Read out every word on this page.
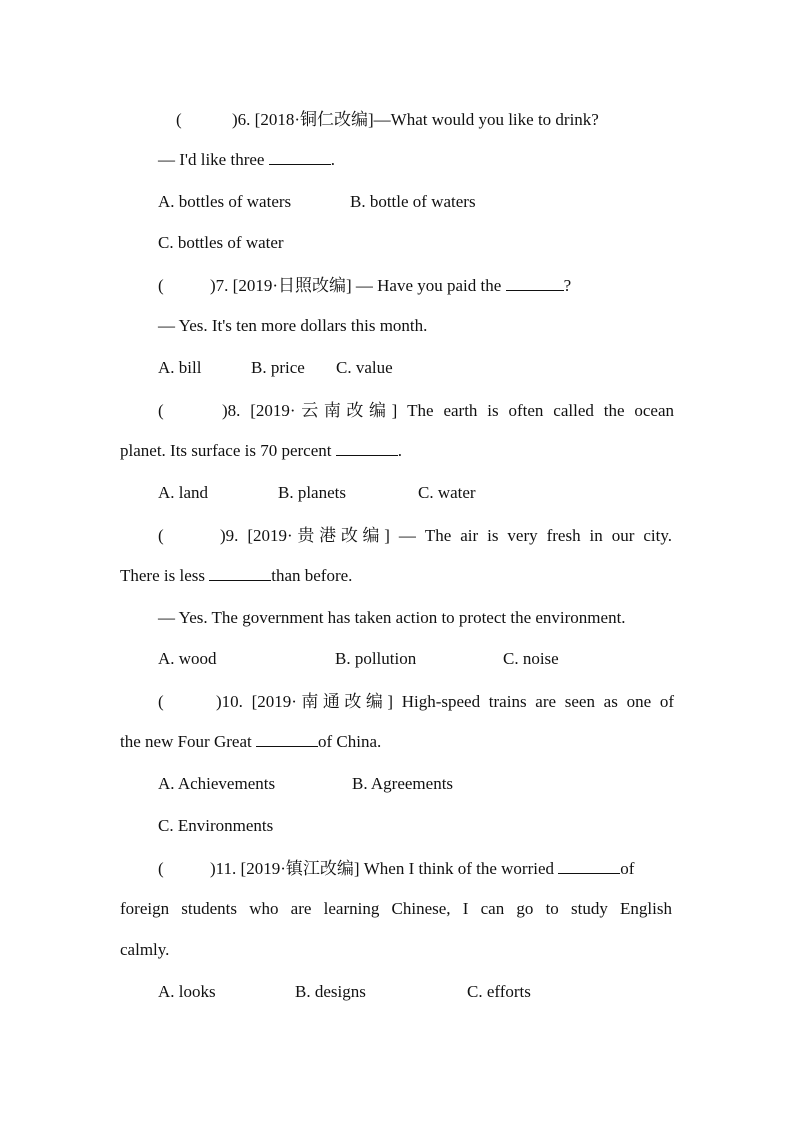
(	)6. [2018·铜仁改编]—What would you like to drink?
— I'd like three	.
A. bottles of waters	B. bottle of waters
C. bottles of water
(	)7. [2019·日照改编] — Have you paid the	?
— Yes. It's ten more dollars this month.
A. bill	B. price C. value
(	)8. [2019·云南改编] The earth is often called the ocean
planet. Its surface is 70 percent	.
A. land	B. planets	C. water
(	)9. [2019·贵港改编] — The air is very fresh in our city.
There is less	than before.
— Yes. The government has taken action to protect the environment.
A. wood	B. pollution	C. noise
(	)10. [2019·南通改编] High-speed trains are seen as one of
the new Four Great	of China.
A. Achievements	B. Agreements
C. Environments
(	)11. [2019·镇江改编] When I think of the worried	of
foreign students who are learning Chinese, I can go to study English
calmly.
A. looks	B. designs	C. efforts
